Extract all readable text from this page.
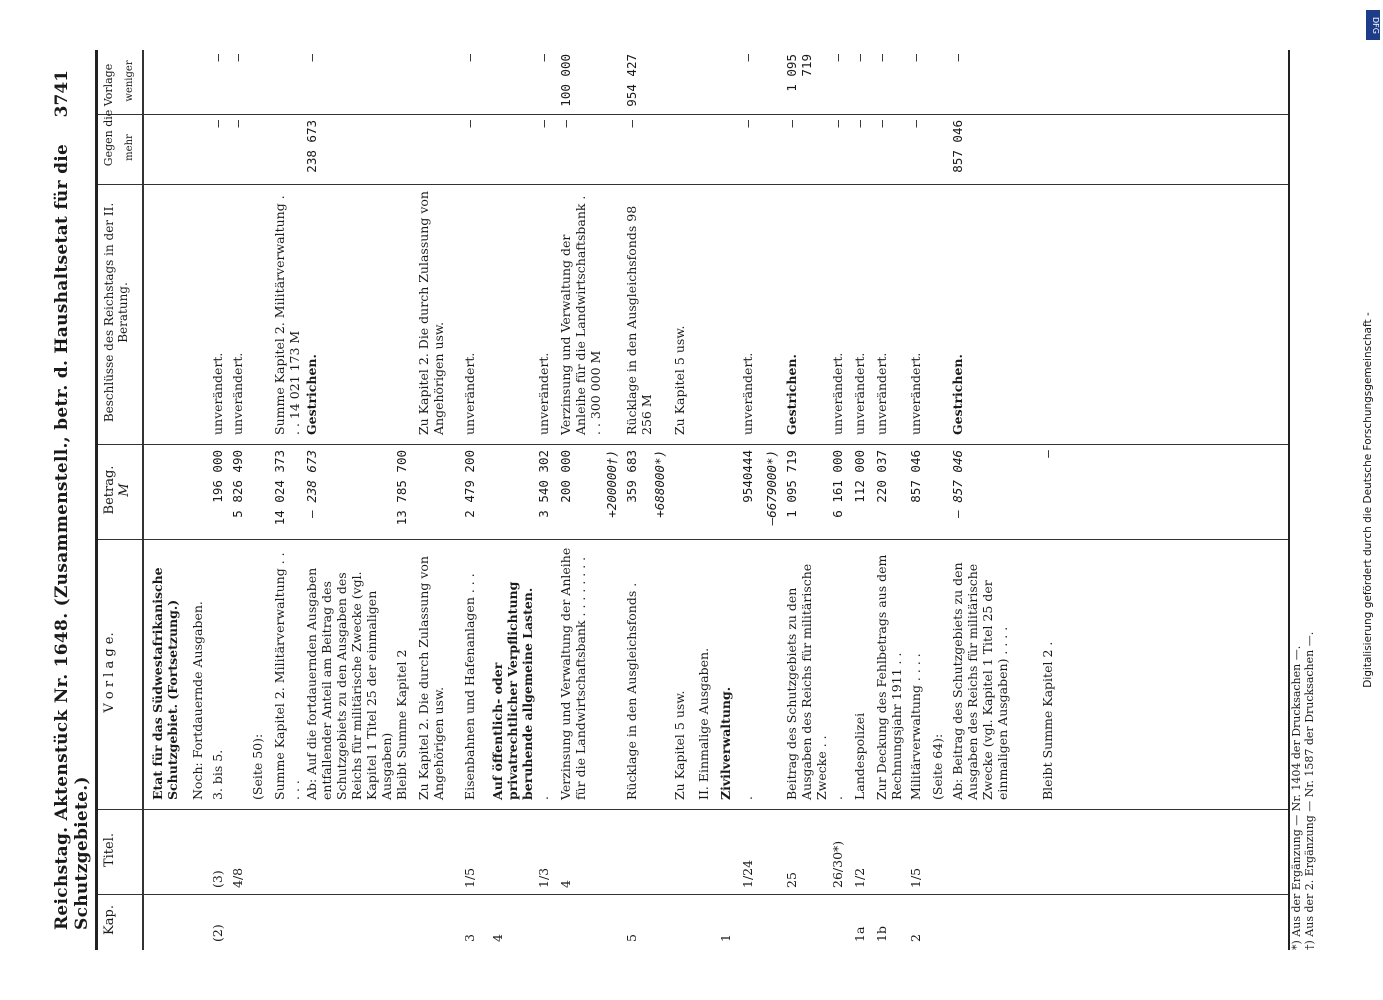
Reichstag. Aktenstück Nr. 1648. (Zusammenstell., betr. d. Haushaltsetat für die Schutzgebiete.)
3741
Kap.
Titel.
V o r l a g e.
Betrag.
M
Beschlüsse des Reichstags in der II. Beratung.
Gegen die Vorlage mehr
weniger
Etat für das Südwestafrikanische Schutzgebiet. (Fortsetzung.) Noch: Fortdauernde Ausgaben.
(2)
(3)
3. bis 5.
196 000
unverändert.
—
—
4/8
5 826 490
unverändert.
—
—
(Seite 50): Summe Kapitel 2. Militärverwaltung . . . . .
14 024 373
Summe Kapitel 2. Militärverwaltung . . . 14 021 173 M
Ab: Auf die fortdauernden Ausgaben entfallender Anteil am Beitrag des Schutzgebiets zu den Ausgaben des Reichs für militärische Zwecke (vgl. Kapitel 1 Titel 25 der einmaligen Ausgaben)
— 238 673
Gestrichen.
238 673
—
Bleibt Summe Kapitel 2
13 785 700
Zu Kapitel 2. Die durch Zulassung von Angehörigen usw.
Zu Kapitel 2. Die durch Zulassung von Angehörigen usw.
3
1/5
Eisenbahnen und Hafenanlagen . . .
2 479 200
unverändert.
—
—
4
Auf öffentlich- oder privatrechtlicher Verpflichtung beruhende allgemeine Lasten.
1/3
.
3 540 302
unverändert.
—
—
4
Verzinsung und Verwaltung der Anleihe für die Landwirtschaftsbank . . . . . . . .
200 000
Verzinsung und Verwaltung der Anleihe für die Landwirtschaftsbank . . . 300 000 M
—
100 000
+200000†)
5
Rücklage in den Ausgleichsfonds .
359 683
Rücklage in den Ausgleichsfonds 98 256 M
—
954 427
+688000*)
Zu Kapitel 5 usw.
Zu Kapitel 5 usw.
II. Einmalige Ausgaben.
1
Zivilverwaltung.
1/24
.
9540444
unverändert.
—
—
—6679000*)
25
Beitrag des Schutzgebiets zu den Ausgaben des Reichs für militärische Zwecke . .
1 095 719
Gestrichen.
—
1 095 719
26/30*)
.
6 161 000
unverändert.
—
—
1a
1/2
Landespolizei
112 000
unverändert.
—
—
1b
Zur Deckung des Fehlbetrags aus dem Rechnungsjahr 1911 . .
220 037
unverändert.
—
—
2
1/5
Militärverwaltung . . . .
857 046
unverändert.
—
—
(Seite 64): Ab: Beitrag des Schutzgebiets zu den Ausgaben des Reichs für militärische Zwecke (vgl. Kapitel 1 Titel 25 der einmaligen Ausgaben) . . . .
— 857 046
Gestrichen.
857 046
—
Bleibt Summe Kapitel 2 .
—
*) Aus der Ergänzung — Nr. 1404 der Drucksachen —. †) Aus der 2. Ergänzung — Nr. 1587 der Drucksachen —.
Digitalisierung gefördert durch die Deutsche Forschungsgemeinschaft -
DFG
